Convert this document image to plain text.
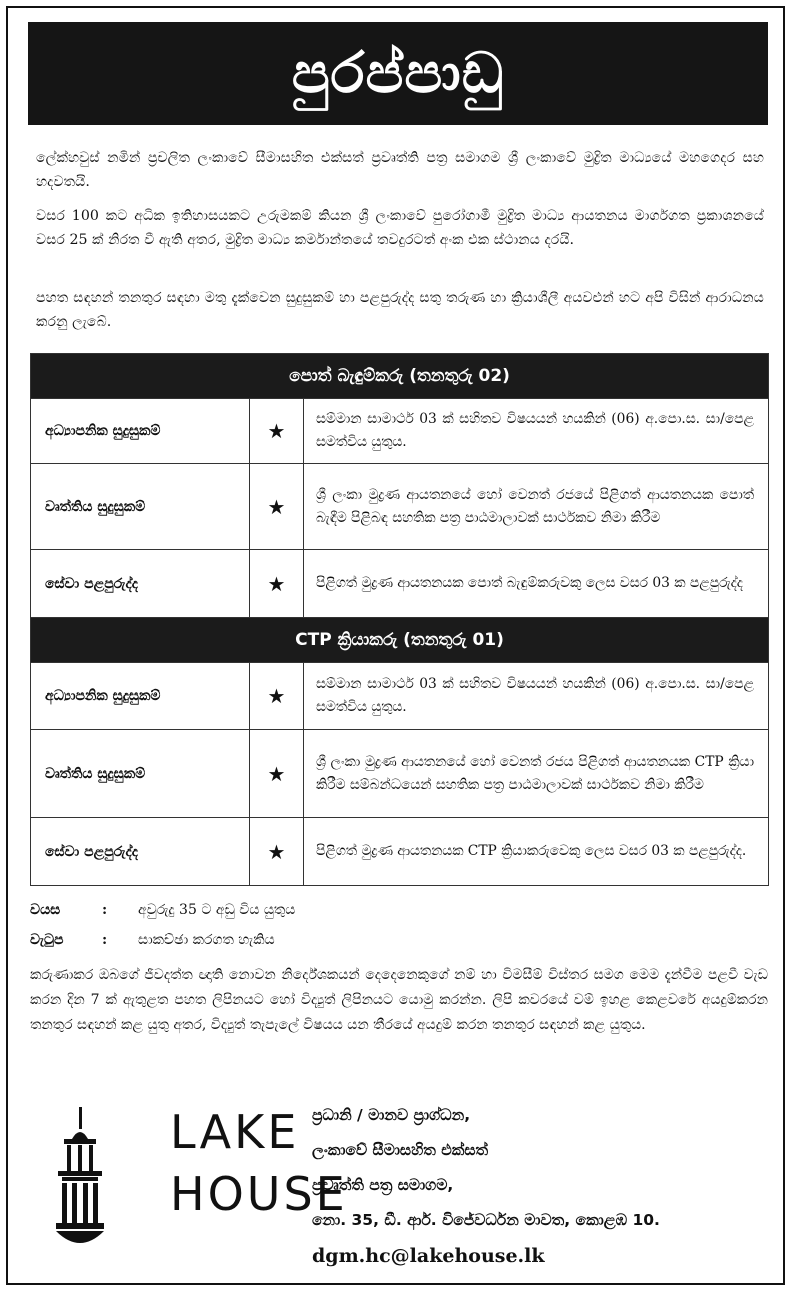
පුරප්පාඩු

ලේක්හවුස් නමින් ප්‍රචලිත ලංකාවේ සීමාසහිත එක්සත් ප්‍රවෘත්ති පත්‍ර සමාගම ශ්‍රී ලංකාවේ මුද්‍රිත මාධ්‍යයේ මහගෙදර සහ හදවතයි.

වසර 100 කට අධික ඉතිහාසයකට උරුමකම් කියන ශ්‍රී ලංකාවේ පුරෝගාමී මුද්‍රිත මාධ්‍ය ආයතනය මාර්ගගත ප්‍රකාශනයේ වසර 25 ක් නිරත වී ඇති අතර, මුද්‍රිත මාධ්‍ය කර්මාන්තයේ තවදුරටත් අංක එක ස්ථානය දරයි.

පහත සඳහන් තනතුර සඳහා මතු දැක්වෙන සුදුසුකම් හා පළපුරුද්ද සතු තරුණ හා ක්‍රියාශීලී අයවළුන් හට අපි විසින් ආරාධනය කරනු ලැබේ.

පොත් බැඳුම්කරු (තනතුරු 02)		
අධ්‍යාපනික සුදුසුකම්	★	සම්මාන සාමාර්ථ 03 ක් සහිතව විෂයයන් හයකින් (06) අ.පො.ස. සා/පෙළ සමත්විය යුතුය.
වෘත්තිය සුදුසුකම්	★	ශ්‍රී ලංකා මුද්‍රණ ආයතනයේ හෝ වෙනත් රජයේ පිළිගත් ආයතනයක පොත් බැඳීම පිළිබඳ සහතික පත්‍ර පාඨමාලාවක් සාර්ථකව නිමා කිරීම
සේවා පළපුරුද්ද	★	පිළිගත් මුද්‍රණ ආයතනයක පොත් බැඳුම්කරුවකු ලෙස වසර 03 ක පළපුරුද්ද
CTP ක්‍රියාකරු (තනතුරු 01)		
අධ්‍යාපනික සුදුසුකම්	★	සම්මාන සාමාර්ථ 03 ක් සහිතව විෂයයන් හයකින් (06) අ.පො.ස. සා/පෙළ සමත්විය යුතුය.
වෘත්තිය සුදුසුකම්	★	ශ්‍රී ලංකා මුද්‍රණ ආයතනයේ හෝ වෙනත් රජය පිළිගත් ආයතනයක CTP ක්‍රියා කිරීම සම්බන්ධයෙන් සහතික පත්‍ර පාඨමාලාවක් සාර්ථකව නිමා කිරීම
සේවා පළපුරුද්ද	★	පිළිගත් මුද්‍රණ ආයතනයක CTP ක්‍රියාකරුවෙකු ලෙස වසර 03 ක පළපුරුද්ද.
වයස	: අවුරුදු 35 ට අඩු විය යුතුය
වැටුප	: සාකච්ඡා කරගත හැකිය

කරුණාකර ඔබගේ ජීවදත්ත ඥාති නොවන නිර්දේශකයන් දෙදෙනෙකුගේ නම් හා විමසීම් විස්තර සමග මෙම දැන්වීම පළවී වැඩ කරන දින 7 ක් ඇතුළත පහත ලිපිනයට හෝ විද්‍යුත් ලිපිනයට යොමු කරන්න. ලිපි කවරයේ වම් ඉහළ කෙළවරේ අයදුම්කරන තනතුර සඳහන් කළ යුතු අතර, විද්‍යුත් තැපැලේ විෂයය යන තීරයේ අයදුම් කරන තනතුර සඳහන් කළ යුතුය.

LAKE
HOUSE
ප්‍රධානි / මානව ප්‍රාග්ධන,
ලංකාවේ සීමාසහිත එක්සත්
ප්‍රවෘත්ති පත්‍ර සමාගම,
නො. 35, ඩී. ආර්. විජේවර්ධන මාවත, කොළඹ 10.
dgm.hc@lakehouse.lk
